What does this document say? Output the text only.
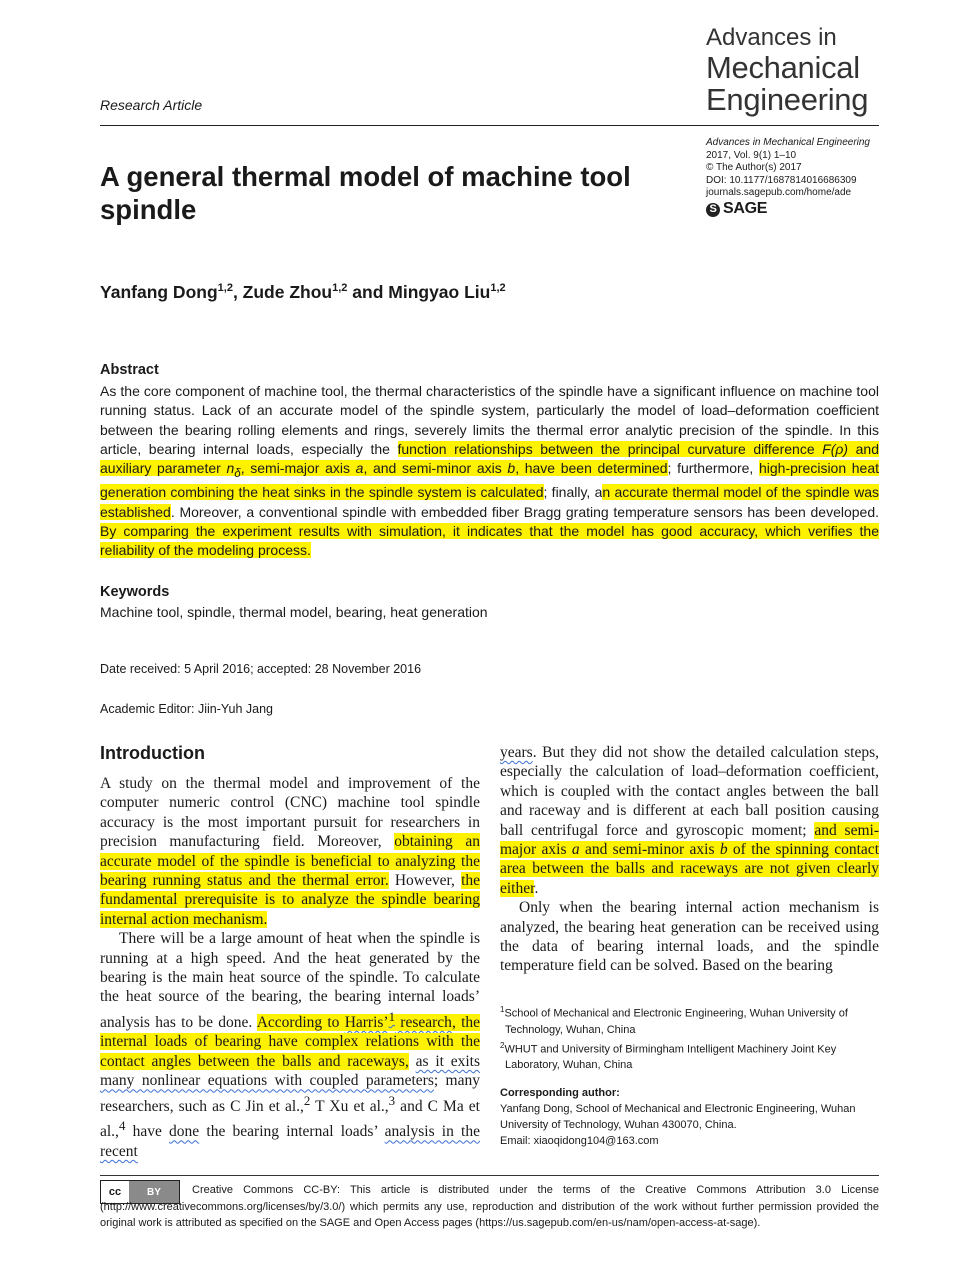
Advances in
Mechanical
Engineering
Research Article
Advances in Mechanical Engineering
2017, Vol. 9(1) 1–10
© The Author(s) 2017
DOI: 10.1177/1687814016686309
journals.sagepub.com/home/ade
S SAGE
A general thermal model of machine tool spindle
Yanfang Dong$^{1,2}$, Zude Zhou$^{1,2}$ and Mingyao Liu$^{1,2}$
Abstract
As the core component of machine tool, the thermal characteristics of the spindle have a significant influence on machine tool running status. Lack of an accurate model of the spindle system, particularly the model of load–deformation coefficient between the bearing rolling elements and rings, severely limits the thermal error analytic precision of the spindle. In this article, bearing internal loads, especially the function relationships between the principal curvature difference F(ρ) and auxiliary parameter $n_\delta$, semi-major axis a, and semi-minor axis b, have been determined; furthermore, high-precision heat generation combining the heat sinks in the spindle system is calculated; finally, an accurate thermal model of the spindle was established. Moreover, a conventional spindle with embedded fiber Bragg grating temperature sensors has been developed. By comparing the experiment results with simulation, it indicates that the model has good accuracy, which verifies the reliability of the modeling process.
Keywords
Machine tool, spindle, thermal model, bearing, heat generation
Date received: 5 April 2016; accepted: 28 November 2016
Academic Editor: Jiin-Yuh Jang
Introduction

A study on the thermal model and improvement of the computer numeric control (CNC) machine tool spindle accuracy is the most important pursuit for researchers in precision manufacturing field. Moreover, obtaining an accurate model of the spindle is beneficial to analyzing the bearing running status and the thermal error. However, the fundamental prerequisite is to analyze the spindle bearing internal action mechanism.

There will be a large amount of heat when the spindle is running at a high speed. And the heat generated by the bearing is the main heat source of the spindle. To calculate the heat source of the bearing, the bearing internal loads’ analysis has to be done. According to Harris’$^1$ research, the internal loads of bearing have complex relations with the contact angles between the balls and raceways, as it exits many nonlinear equations with coupled parameters; many researchers, such as C Jin et al.,$^2$ T Xu et al.,$^3$ and C Ma et al.,$^4$ have done the bearing internal loads’ analysis in the recent

years. But they did not show the detailed calculation steps, especially the calculation of load–deformation coefficient, which is coupled with the contact angles between the ball and raceway and is different at each ball position causing ball centrifugal force and gyroscopic moment; and semi-major axis a and semi-minor axis b of the spinning contact area between the balls and raceways are not given clearly either.

Only when the bearing internal action mechanism is analyzed, the bearing heat generation can be received using the data of bearing internal loads, and the spindle temperature field can be solved. Based on the bearing

$^1$School of Mechanical and Electronic Engineering, Wuhan University of Technology, Wuhan, China
$^2$WHUT and University of Birmingham Intelligent Machinery Joint Key Laboratory, Wuhan, China
Corresponding author:
Yanfang Dong, School of Mechanical and Electronic Engineering, Wuhan University of Technology, Wuhan 430070, China.
Email: xiaoqidong104@163.com
cc	BY	Creative Commons CC-BY: This article is distributed under the terms of the Creative Commons Attribution 3.0 License (http://www.creativecommons.org/licenses/by/3.0/) which permits any use, reproduction and distribution of the work without further permission provided the original work is attributed as specified on the SAGE and Open Access pages (https://us.sagepub.com/en-us/nam/open-access-at-sage).
